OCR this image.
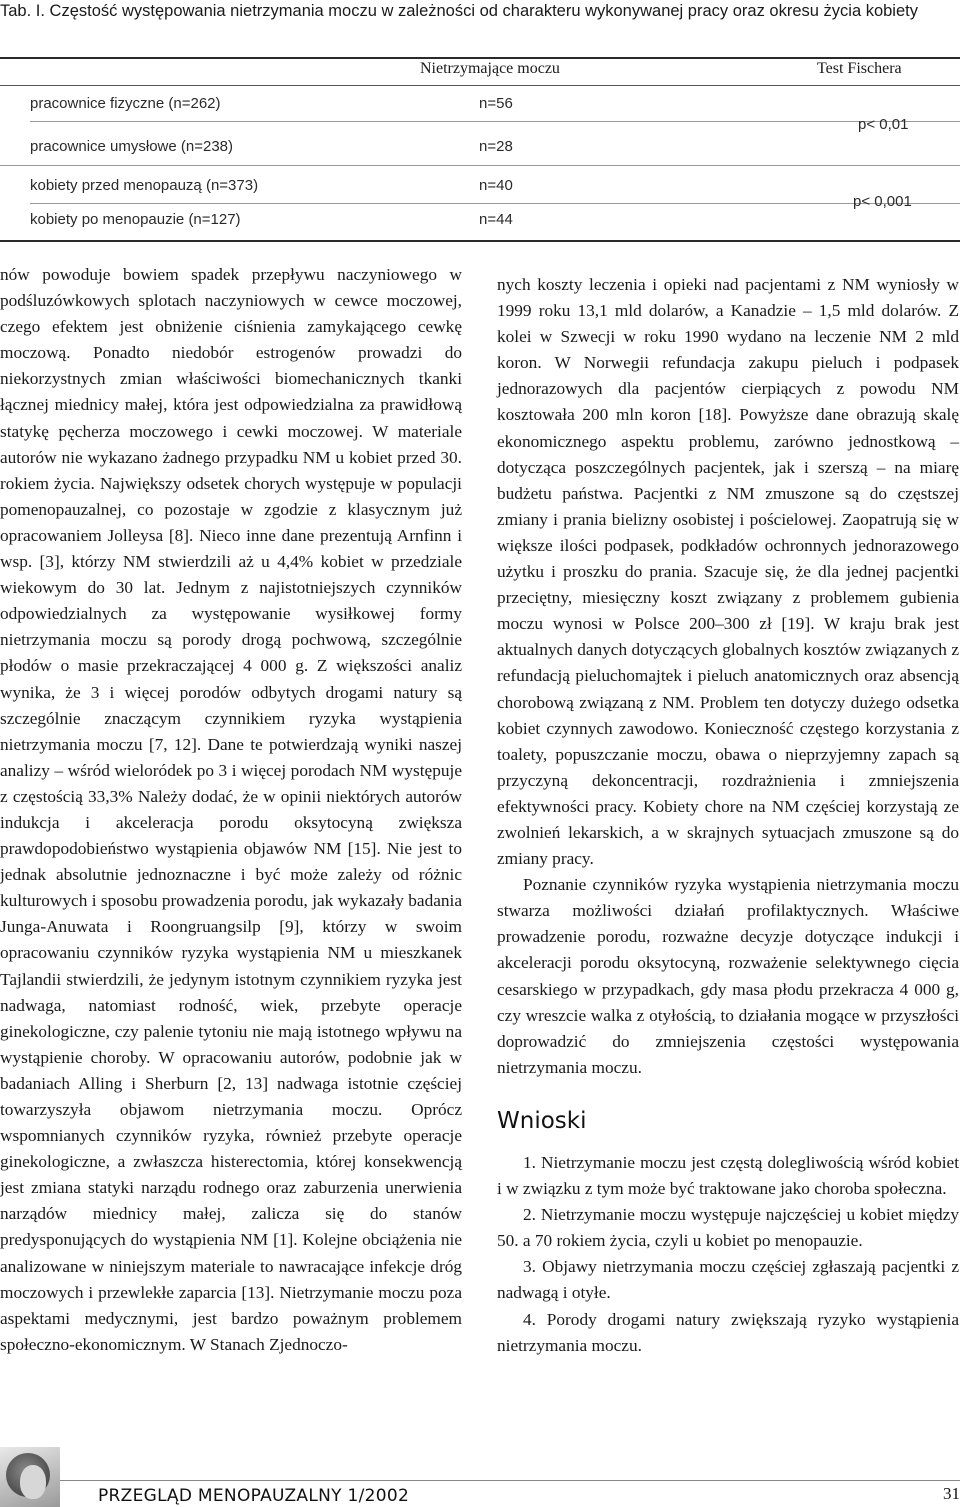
Tab. I. Częstość występowania nietrzymania moczu w zależności od charakteru wykonywanej pracy oraz okresu życia kobiety
Nietrzymające moczu	Test Fischera
pracownice fizyczne (n=262)	n=56
pracownice umysłowe (n=238)	n=28
p< 0,01
kobiety przed menopauzą (n=373)	n=40
kobiety po menopauzie (n=127)	n=44
p< 0,001

nów powoduje bowiem spadek przepływu naczyniowego w podśluzówkowych splotach naczyniowych w cewce moczowej, czego efektem jest obniżenie ciśnienia zamykającego cewkę moczową. Ponadto niedobór estrogenów prowadzi do niekorzystnych zmian właściwości biomechanicznych tkanki łącznej miednicy małej, która jest odpowiedzialna za prawidłową statykę pęcherza moczowego i cewki moczowej. W materiale autorów nie wykazano żadnego przypadku NM u kobiet przed 30. rokiem życia. Największy odsetek chorych występuje w populacji pomenopauzalnej, co pozostaje w zgodzie z klasycznym już opracowaniem Jolleysa [8]. Nieco inne dane prezentują Arnfinn i wsp. [3], którzy NM stwierdzili aż u 4,4% kobiet w przedziale wiekowym do 30 lat. Jednym z najistotniejszych czynników odpowiedzialnych za występowanie wysiłkowej formy nietrzymania moczu są porody drogą pochwową, szczególnie płodów o masie przekraczającej 4 000 g. Z większości analiz wynika, że 3 i więcej porodów odbytych drogami natury są szczególnie znaczącym czynnikiem ryzyka wystąpienia nietrzymania moczu [7, 12]. Dane te potwierdzają wyniki naszej analizy – wśród wieloródek po 3 i więcej porodach NM występuje z częstością 33,3% Należy dodać, że w opinii niektórych autorów indukcja i akceleracja porodu oksytocyną zwiększa prawdopodobieństwo wystąpienia objawów NM [15]. Nie jest to jednak absolutnie jednoznaczne i być może zależy od różnic kulturowych i sposobu prowadzenia porodu, jak wykazały badania Junga-Anuwata i Roongruangsilp [9], którzy w swoim opracowaniu czynników ryzyka wystąpienia NM u mieszkanek Tajlandii stwierdzili, że jedynym istotnym czynnikiem ryzyka jest nadwaga, natomiast rodność, wiek, przebyte operacje ginekologiczne, czy palenie tytoniu nie mają istotnego wpływu na wystąpienie choroby. W opracowaniu autorów, podobnie jak w badaniach Alling i Sherburn [2, 13] nadwaga istotnie częściej towarzyszyła objawom nietrzymania moczu. Oprócz wspomnianych czynników ryzyka, również przebyte operacje ginekologiczne, a zwłaszcza histerectomia, której konsekwencją jest zmiana statyki narządu rodnego oraz zaburzenia unerwienia narządów miednicy małej, zalicza się do stanów predysponujących do wystąpienia NM [1]. Kolejne obciążenia nie analizowane w niniejszym materiale to nawracające infekcje dróg moczowych i przewlekłe zaparcia [13]. Nietrzymanie moczu poza aspektami medycznymi, jest bardzo poważnym problemem społeczno-ekonomicznym. W Stanach Zjednoczo-

nych koszty leczenia i opieki nad pacjentami z NM wyniosły w 1999 roku 13,1 mld dolarów, a Kanadzie – 1,5 mld dolarów. Z kolei w Szwecji w roku 1990 wydano na leczenie NM 2 mld koron. W Norwegii refundacja zakupu pieluch i podpasek jednorazowych dla pacjentów cierpiących z powodu NM kosztowała 200 mln koron [18]. Powyższe dane obrazują skalę ekonomicznego aspektu problemu, zarówno jednostkową – dotycząca poszczególnych pacjentek, jak i szerszą – na miarę budżetu państwa. Pacjentki z NM zmuszone są do częstszej zmiany i prania bielizny osobistej i pościelowej. Zaopatrują się w większe ilości podpasek, podkładów ochronnych jednorazowego użytku i proszku do prania. Szacuje się, że dla jednej pacjentki przeciętny, miesięczny koszt związany z problemem gubienia moczu wynosi w Polsce 200–300 zł [19]. W kraju brak jest aktualnych danych dotyczących globalnych kosztów związanych z refundacją pieluchomajtek i pieluch anatomicznych oraz absencją chorobową związaną z NM. Problem ten dotyczy dużego odsetka kobiet czynnych zawodowo. Konieczność częstego korzystania z toalety, popuszczanie moczu, obawa o nieprzyjemny zapach są przyczyną dekoncentracji, rozdrażnienia i zmniejszenia efektywności pracy. Kobiety chore na NM częściej korzystają ze zwolnień lekarskich, a w skrajnych sytuacjach zmuszone są do zmiany pracy.

Poznanie czynników ryzyka wystąpienia nietrzymania moczu stwarza możliwości działań profilaktycznych. Właściwe prowadzenie porodu, rozważne decyzje dotyczące indukcji i akceleracji porodu oksytocyną, rozważenie selektywnego cięcia cesarskiego w przypadkach, gdy masa płodu przekracza 4 000 g, czy wreszcie walka z otyłością, to działania mogące w przyszłości doprowadzić do zmniejszenia częstości występowania nietrzymania moczu.

Wnioski

1. Nietrzymanie moczu jest częstą dolegliwością wśród kobiet i w związku z tym może być traktowane jako choroba społeczna.

2. Nietrzymanie moczu występuje najczęściej u kobiet między 50. a 70 rokiem życia, czyli u kobiet po menopauzie.

3. Objawy nietrzymania moczu częściej zgłaszają pacjentki z nadwagą i otyłe.

4. Porody drogami natury zwiększają ryzyko wystąpienia nietrzymania moczu.

PRZEGLĄD MENOPAUZALNY 1/2002	31
